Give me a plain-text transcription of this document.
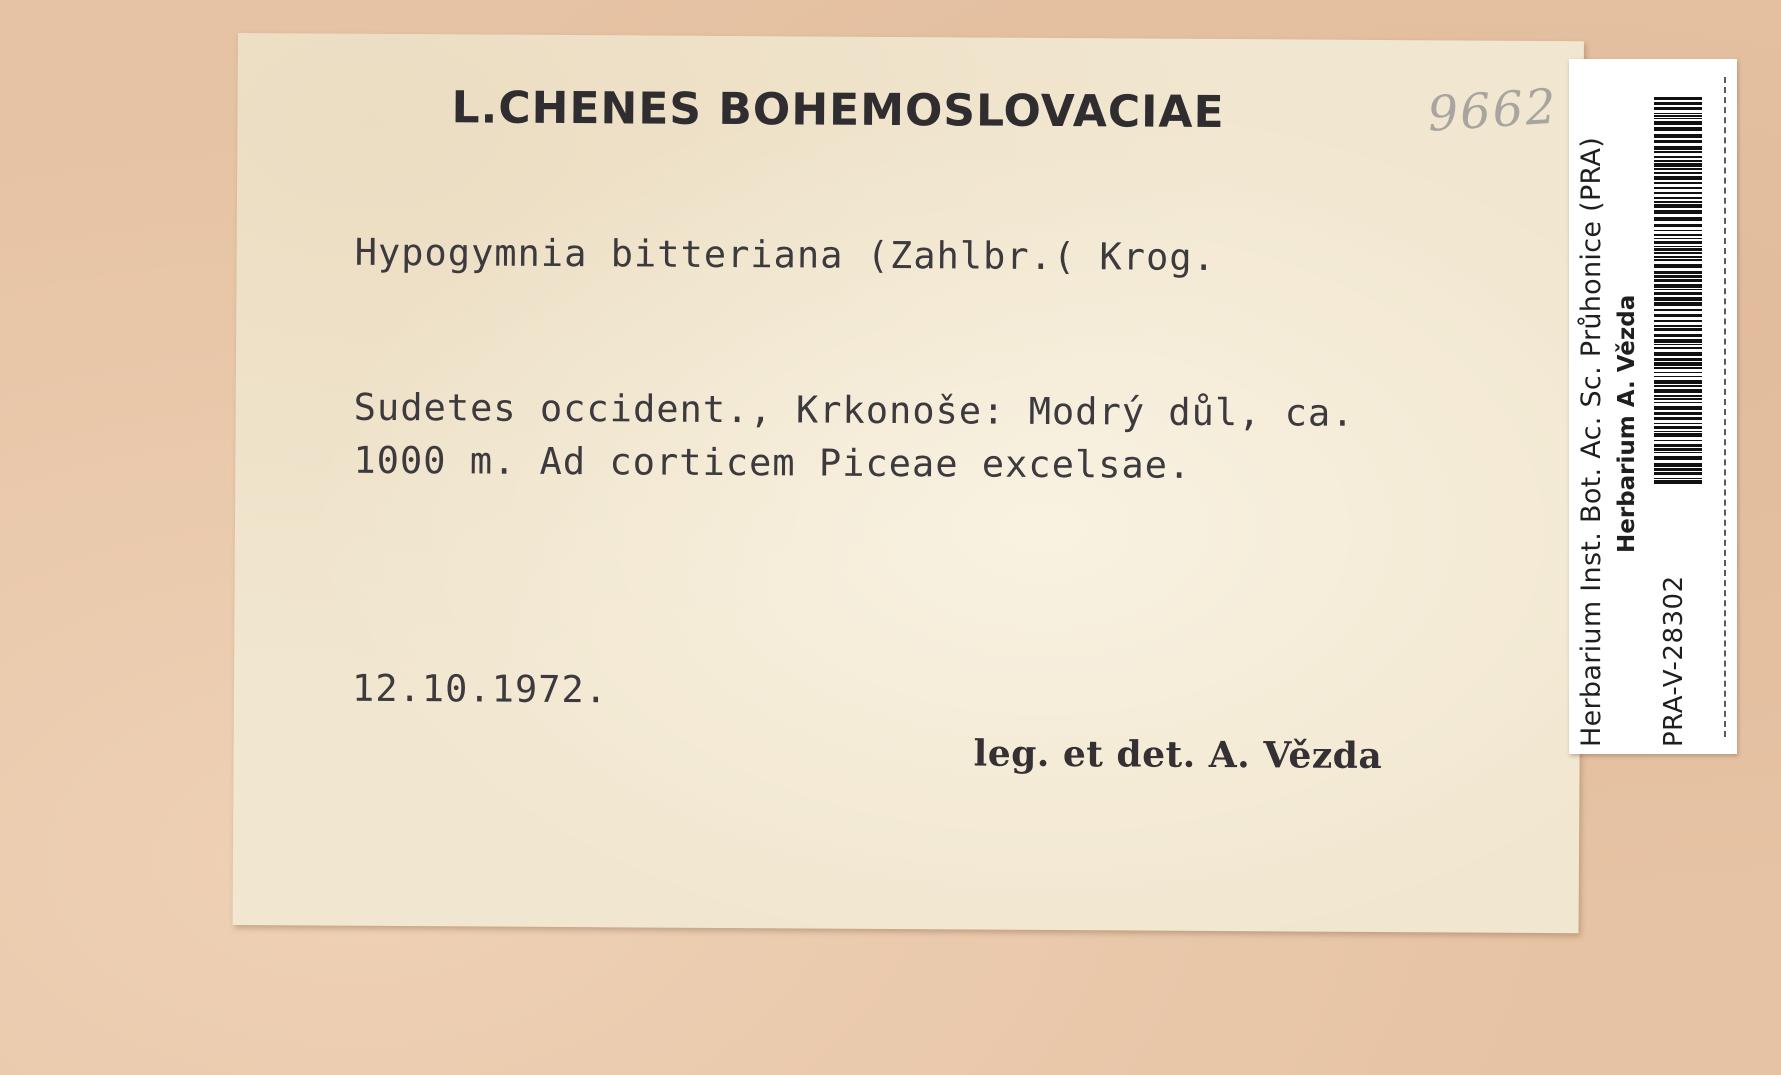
L.CHENES BOHEMOSLOVACIAE	9662

Hypogymnia bitteriana (Zahlbr.( Krog.

Sudetes occident., Krkonoše: Modrý důl, ca.

1000 m. Ad corticem Piceae excelsae.

12.10.1972.

leg. et det. A. Vězda

Herbarium Inst. Bot. Ac. Sc. Průhonice (PRA) Herbarium A. Vězda

PRA-V-28302
